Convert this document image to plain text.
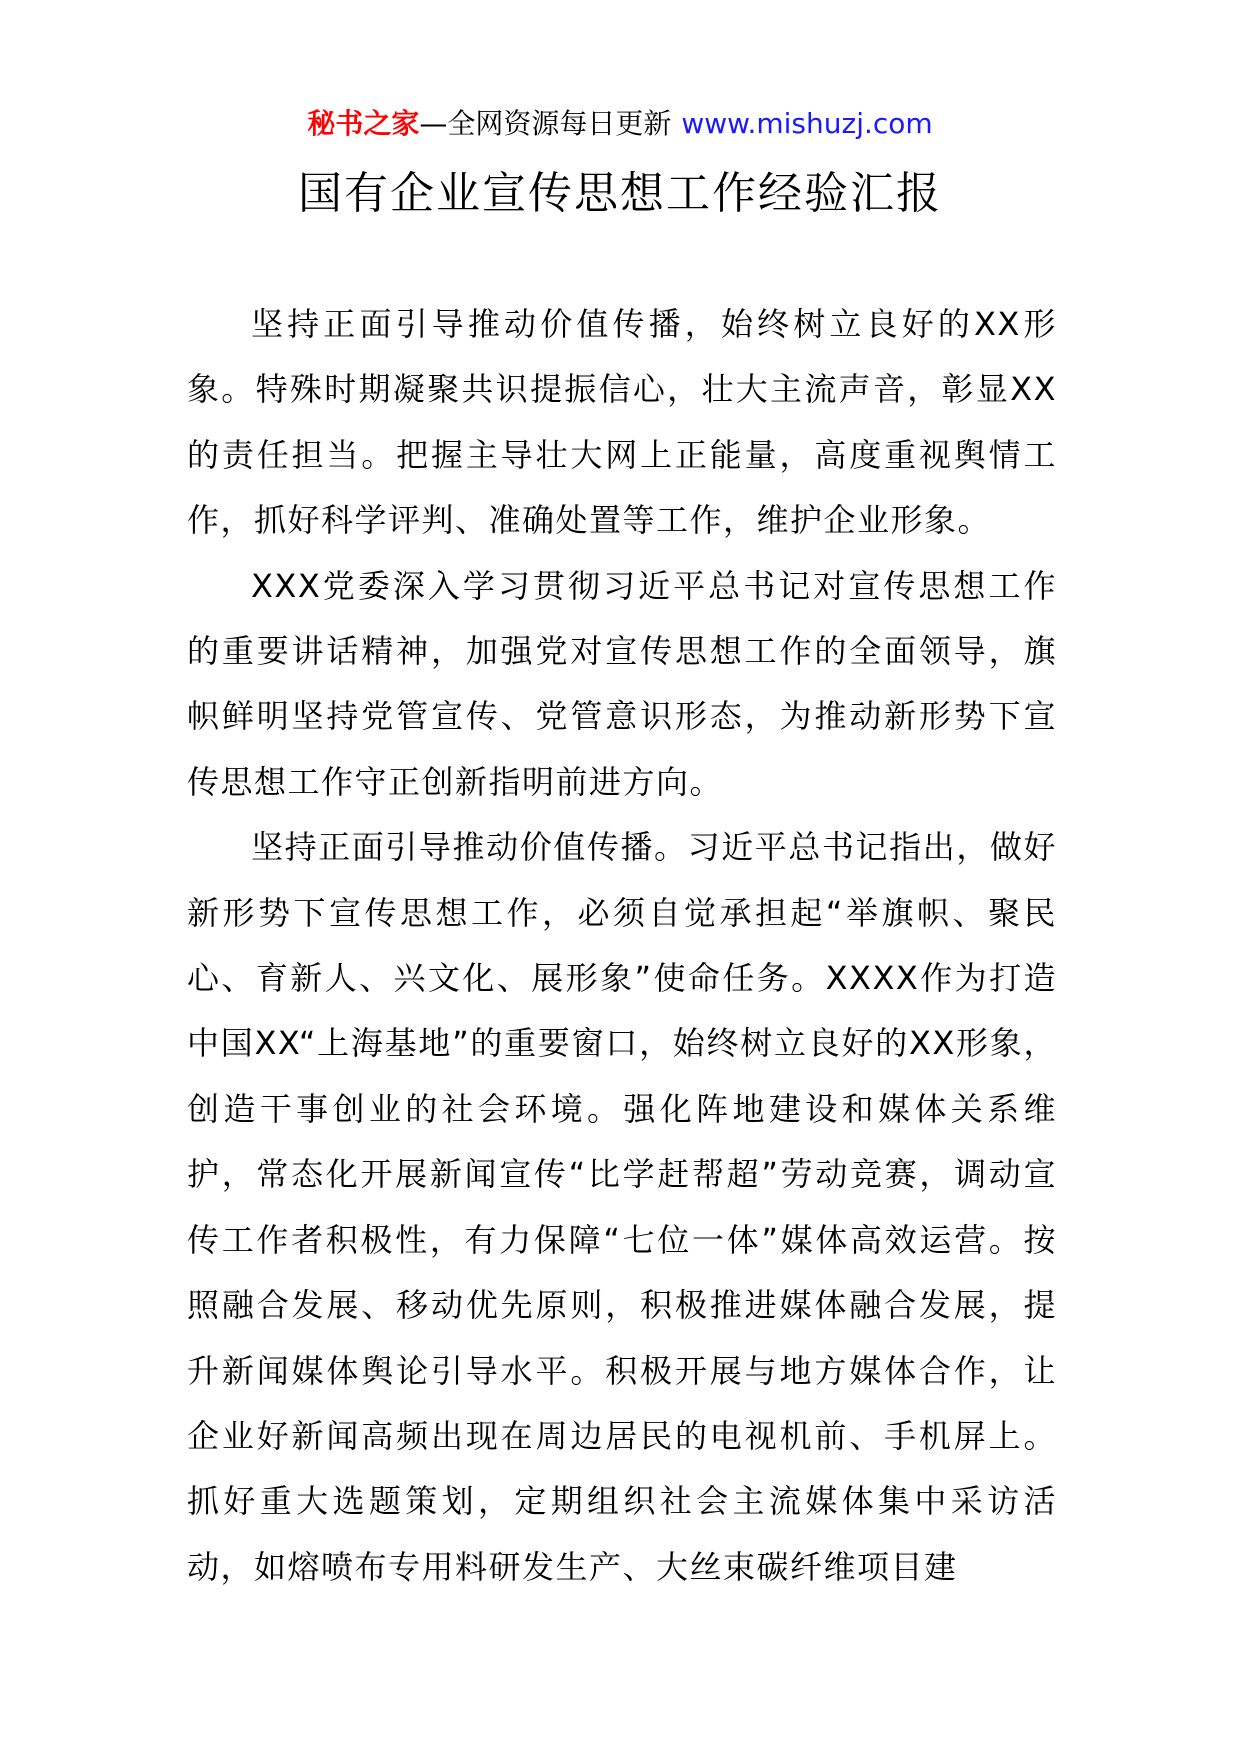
秘书之家—全网资源每日更新 www.mishuzj.com
国有企业宣传思想工作经验汇报

坚持正面引导推动价值传播，始终树立良好的XX形象。特殊时期凝聚共识提振信心，壮大主流声音，彰显XX的责任担当。把握主导壮大网上正能量，高度重视舆情工作，抓好科学评判、准确处置等工作，维护企业形象。

XXX党委深入学习贯彻习近平总书记对宣传思想工作的重要讲话精神，加强党对宣传思想工作的全面领导，旗帜鲜明坚持党管宣传、党管意识形态，为推动新形势下宣传思想工作守正创新指明前进方向。

坚持正面引导推动价值传播。习近平总书记指出，做好新形势下宣传思想工作，必须自觉承担起“举旗帜、聚民心、育新人、兴文化、展形象”使命任务。XXXX作为打造中国XX“上海基地”的重要窗口，始终树立良好的XX形象，创造干事创业的社会环境。强化阵地建设和媒体关系维护，常态化开展新闻宣传“比学赶帮超”劳动竞赛，调动宣传工作者积极性，有力保障“七位一体”媒体高效运营。按照融合发展、移动优先原则，积极推进媒体融合发展，提升新闻媒体舆论引导水平。积极开展与地方媒体合作，让企业好新闻高频出现在周边居民的电视机前、手机屏上。抓好重大选题策划，定期组织社会主流媒体集中采访活动，如熔喷布专用料研发生产、大丝束碳纤维项目建
